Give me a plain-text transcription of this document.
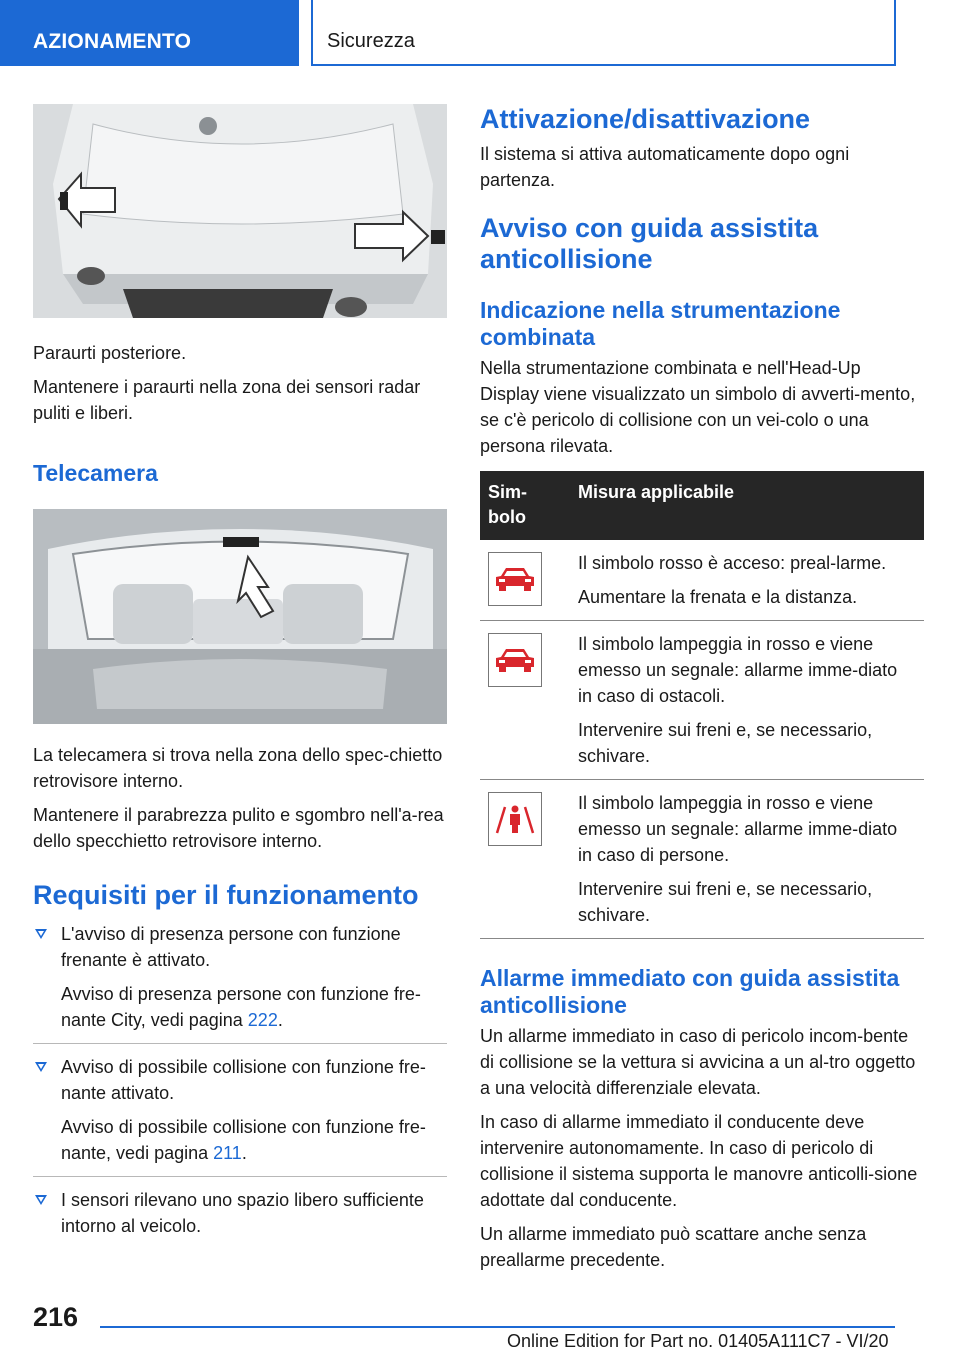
AZIONAMENTO	Sicurezza

Paraurti posteriore.

Mantenere i paraurti nella zona dei sensori radar puliti e liberi.

Telecamera

La telecamera si trova nella zona dello spec-chietto retrovisore interno.

Mantenere il parabrezza pulito e sgombro nell'a-rea dello specchietto retrovisore interno.

Requisiti per il funzionamento

L'avviso di presenza persone con funzione frenante è attivato.

Avviso di presenza persone con funzione fre-nante City, vedi pagina 222.

Avviso di possibile collisione con funzione fre-nante attivato.

Avviso di possibile collisione con funzione fre-nante, vedi pagina 211.

I sensori rilevano uno spazio libero sufficiente intorno al veicolo.

Attivazione/disattivazione

Il sistema si attiva automaticamente dopo ogni partenza.

Avviso con guida assistita anticollisione
Indicazione nella strumentazione combinata

Nella strumentazione combinata e nell'Head-Up Display viene visualizzato un simbolo di avverti-mento, se c'è pericolo di collisione con un vei-colo o una persona rilevata.

Sim-bolo	Misura applicabile

Il simbolo rosso è acceso: preal-larme.

Aumentare la frenata e la distanza.

Il simbolo lampeggia in rosso e viene emesso un segnale: allarme imme-diato in caso di ostacoli.

Intervenire sui freni e, se necessario, schivare.

Il simbolo lampeggia in rosso e viene emesso un segnale: allarme imme-diato in caso di persone.

Intervenire sui freni e, se necessario, schivare.

Allarme immediato con guida assistita anticollisione

Un allarme immediato in caso di pericolo incom-bente di collisione se la vettura si avvicina a un al-tro oggetto a una velocità differenziale elevata.

In caso di allarme immediato il conducente deve intervenire autonomamente. In caso di pericolo di collisione il sistema supporta le manovre anticolli-sione adottate dal conducente.

Un allarme immediato può scattare anche senza preallarme precedente.

216
Online Edition for Part no. 01405A111C7 - VI/20
